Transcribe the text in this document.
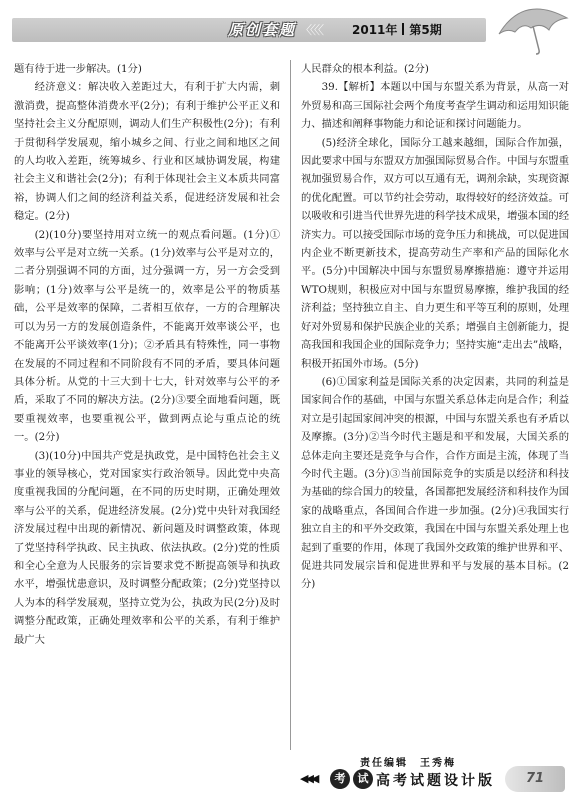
原创套题 〈〈〈〈 2011年 第5期

题有待于进一步解决。(1分)

经济意义：解决收入差距过大，有利于扩大内需，刺激消费，提高整体消费水平(2分)；有利于维护公平正义和坚持社会主义分配原则，调动人们生产积极性(2分)；有利于贯彻科学发展观，缩小城乡之间、行业之间和地区之间的人均收入差距，统筹城乡、行业和区域协调发展，构建社会主义和谐社会(2分)；有利于体现社会主义本质共同富裕，协调人们之间的经济利益关系，促进经济发展和社会稳定。(2分)

(2)(10分)要坚持用对立统一的观点看问题。(1分)①效率与公平是对立统一关系。(1分)效率与公平是对立的，二者分别强调不同的方面，过分强调一方，另一方会受到影响；(1分)效率与公平是统一的，效率是公平的物质基础，公平是效率的保障，二者相互依存，一方的合理解决可以为另一方的发展创造条件，不能离开效率谈公平，也不能离开公平谈效率(1分)；②矛盾具有特殊性，同一事物在发展的不同过程和不同阶段有不同的矛盾，要具体问题具体分析。从党的十三大到十七大，针对效率与公平的矛盾，采取了不同的解决方法。(2分)③要全面地看问题，既要重视效率，也要重视公平，做到两点论与重点论的统一。(2分)

(3)(10分)中国共产党是执政党，是中国特色社会主义事业的领导核心，党对国家实行政治领导。因此党中央高度重视我国的分配问题，在不同的历史时期，正确处理效率与公平的关系，促进经济发展。(2分)党中央针对我国经济发展过程中出现的新情况、新问题及时调整政策，体现了党坚持科学执政、民主执政、依法执政。(2分)党的性质和全心全意为人民服务的宗旨要求党不断提高领导和执政水平，增强忧患意识，及时调整分配政策；(2分)党坚持以人为本的科学发展观，坚持立党为公，执政为民(2分)及时调整分配政策，正确处理效率和公平的关系，有利于维护最广大

人民群众的根本利益。(2分)

39.【解析】本题以中国与东盟关系为背景，从高一对外贸易和高三国际社会两个角度考查学生调动和运用知识能力、描述和阐释事物能力和论证和探讨问题能力。

(5)经济全球化，国际分工越来越细，国际合作加强，因此要求中国与东盟双方加强国际贸易合作。中国与东盟重视加强贸易合作，双方可以互通有无，调剂余缺，实现资源的优化配置。可以节约社会劳动，取得较好的经济效益。可以吸收和引进当代世界先进的科学技术成果，增强本国的经济实力。可以接受国际市场的竞争压力和挑战，可以促进国内企业不断更新技术，提高劳动生产率和产品的国际化水平。(5分)中国解决中国与东盟贸易摩擦措施：遵守并运用WTO规则，积极应对中国与东盟贸易摩擦，维护我国的经济利益；坚持独立自主、自力更生和平等互利的原则，处理好对外贸易和保护民族企业的关系；增强自主创新能力，提高我国和我国企业的国际竞争力；坚持实施“走出去”战略，积极开拓国外市场。(5分)

(6)①国家利益是国际关系的决定因素，共同的利益是国家间合作的基础，中国与东盟关系总体走向是合作；利益对立是引起国家间冲突的根源，中国与东盟关系也有矛盾以及摩擦。(3分)②当今时代主题是和平和发展，大国关系的总体走向主要还是竞争与合作，合作方面是主流，体现了当今时代主题。(3分)③当前国际竞争的实质是以经济和科技为基础的综合国力的较量，各国都把发展经济和科技作为国家的战略重点，各国间合作进一步加强。(2分)④我国实行独立自主的和平外交政策，我国在中国与东盟关系处理上也起到了重要的作用，体现了我国外交政策的维护世界和平、促进共同发展宗旨和促进世界和平与发展的基本目标。(2分)

责任编辑　王秀梅
◀◀◀	考	试 高考试题设计版	71
